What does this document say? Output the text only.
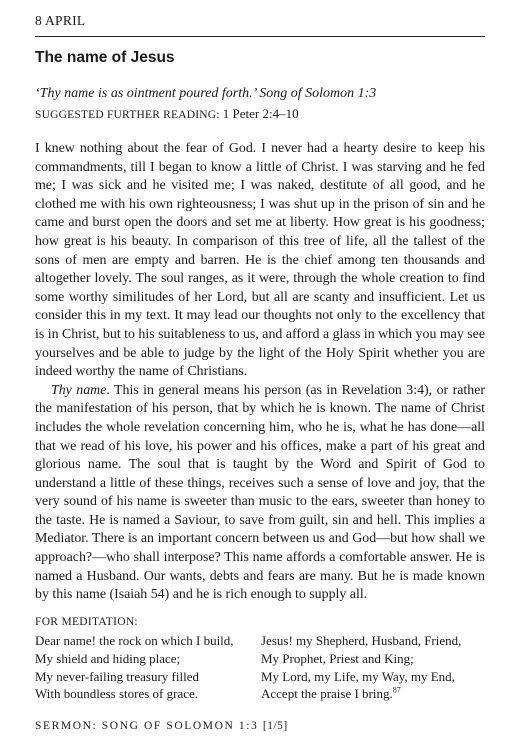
8 APRIL
The name of Jesus
‘Thy name is as ointment poured forth.’ Song of Solomon 1:3
SUGGESTED FURTHER READING: 1 Peter 2:4–10

I knew nothing about the fear of God. I never had a hearty desire to keep his commandments, till I began to know a little of Christ. I was starving and he fed me; I was sick and he visited me; I was naked, destitute of all good, and he clothed me with his own righteousness; I was shut up in the prison of sin and he came and burst open the doors and set me at liberty. How great is his goodness; how great is his beauty. In comparison of this tree of life, all the tallest of the sons of men are empty and barren. He is the chief among ten thousands and altogether lovely. The soul ranges, as it were, through the whole creation to find some worthy similitudes of her Lord, but all are scanty and insufficient. Let us consider this in my text. It may lead our thoughts not only to the excellency that is in Christ, but to his suitableness to us, and afford a glass in which you may see yourselves and be able to judge by the light of the Holy Spirit whether you are indeed worthy the name of Christians.

Thy name. This in general means his person (as in Revelation 3:4), or rather the manifestation of his person, that by which he is known. The name of Christ includes the whole revelation concerning him, who he is, what he has done—all that we read of his love, his power and his offices, make a part of his great and glorious name. The soul that is taught by the Word and Spirit of God to understand a little of these things, receives such a sense of love and joy, that the very sound of his name is sweeter than music to the ears, sweeter than honey to the taste. He is named a Saviour, to save from guilt, sin and hell. This implies a Mediator. There is an important concern between us and God—but how shall we approach?—who shall interpose? This name affords a comfortable answer. He is named a Husband. Our wants, debts and fears are many. But he is made known by this name (Isaiah 54) and he is rich enough to supply all.

FOR MEDITATION:
Dear name! the rock on which I build,
My shield and hiding place;
My never-failing treasury filled
With boundless stores of grace.
Jesus! my Shepherd, Husband, Friend,
My Prophet, Priest and King;
My Lord, my Life, my Way, my End,
Accept the praise I bring.$^{87}$
SERMON: SONG OF SOLOMON 1:3 [1/5]
